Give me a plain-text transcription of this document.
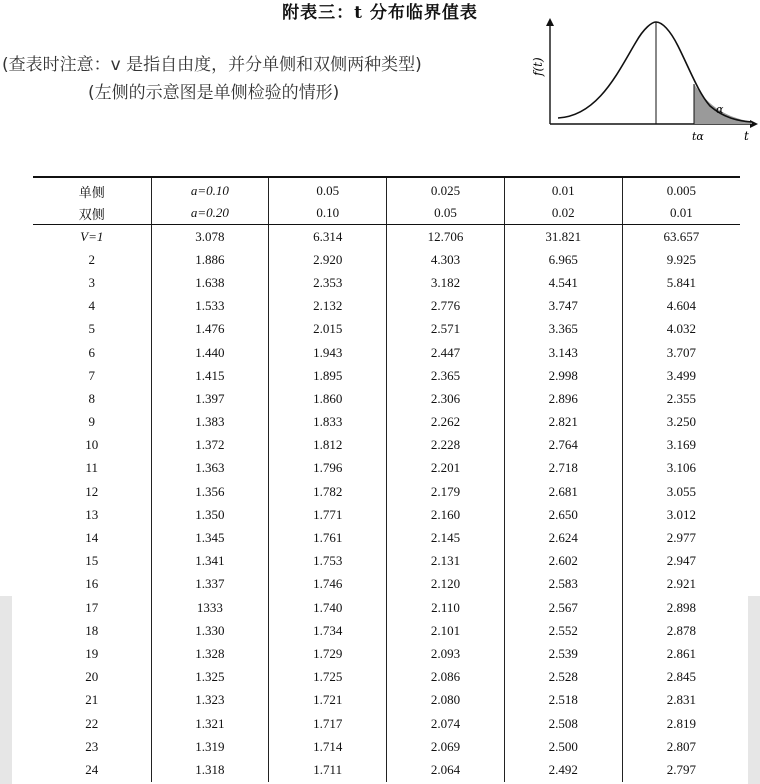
附表三：t 分布临界值表
(查表时注意：v 是指自由度，并分单侧和双侧两种类型)
(左侧的示意图是单侧检验的情形)
f(t)
α
tα	t
单侧	a=0.10	0.05	0.025	0.01	0.005
双侧	a=0.20	0.10	0.05	0.02	0.01
V=1	3.078	6.314	12.706	31.821	63.657
2	1.886	2.920	4.303	6.965	9.925
3	1.638	2.353	3.182	4.541	5.841
4	1.533	2.132	2.776	3.747	4.604
5	1.476	2.015	2.571	3.365	4.032
6	1.440	1.943	2.447	3.143	3.707
7	1.415	1.895	2.365	2.998	3.499
8	1.397	1.860	2.306	2.896	2.355
9	1.383	1.833	2.262	2.821	3.250
10	1.372	1.812	2.228	2.764	3.169
11	1.363	1.796	2.201	2.718	3.106
12	1.356	1.782	2.179	2.681	3.055
13	1.350	1.771	2.160	2.650	3.012
14	1.345	1.761	2.145	2.624	2.977
15	1.341	1.753	2.131	2.602	2.947
16	1.337	1.746	2.120	2.583	2.921
17	1333	1.740	2.110	2.567	2.898
18	1.330	1.734	2.101	2.552	2.878
19	1.328	1.729	2.093	2.539	2.861
20	1.325	1.725	2.086	2.528	2.845
21	1.323	1.721	2.080	2.518	2.831
22	1.321	1.717	2.074	2.508	2.819
23	1.319	1.714	2.069	2.500	2.807
24	1.318	1.711	2.064	2.492	2.797
